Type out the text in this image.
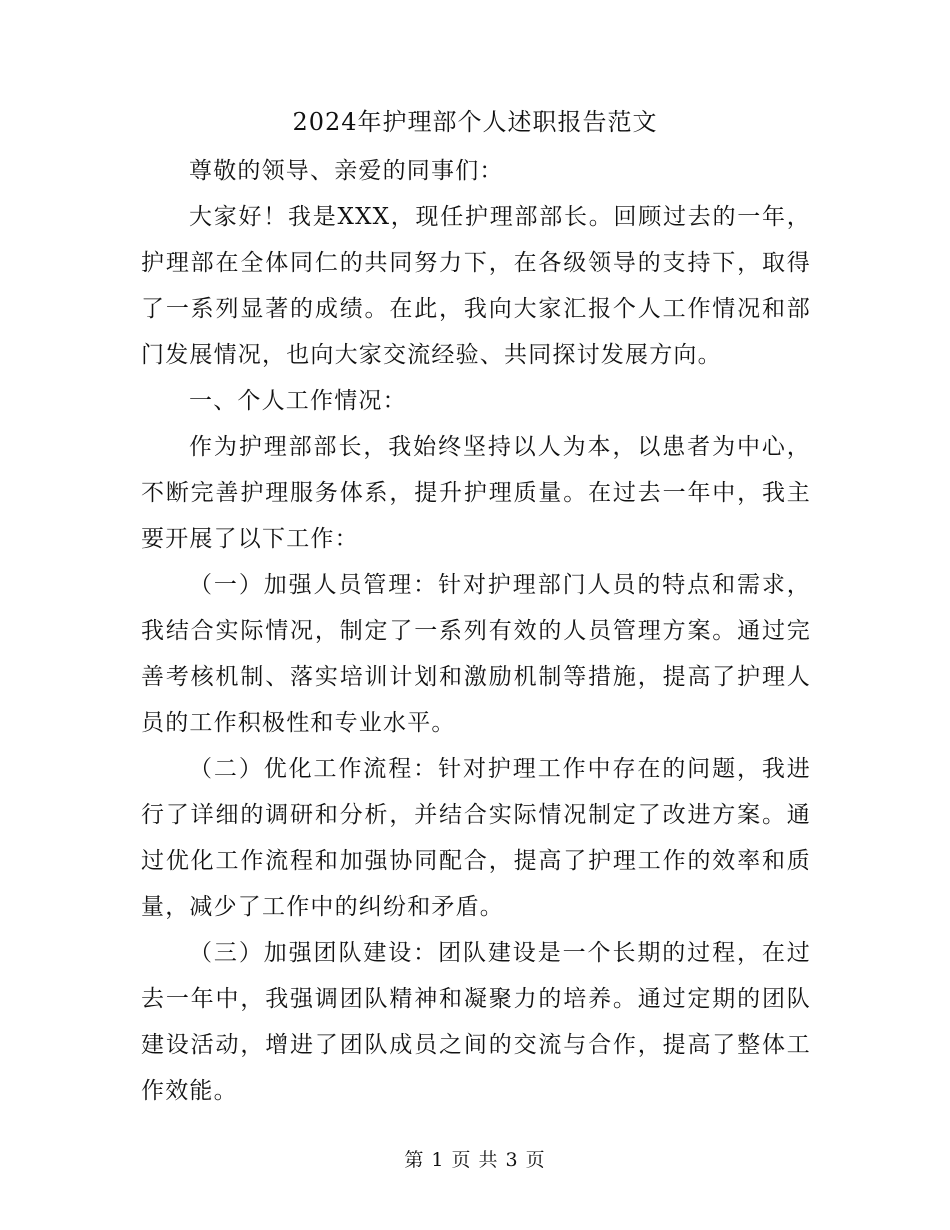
2024年护理部个人述职报告范文

尊敬的领导、亲爱的同事们：

大家好！我是XXX，现任护理部部长。回顾过去的一年，护理部在全体同仁的共同努力下，在各级领导的支持下，取得了一系列显著的成绩。在此，我向大家汇报个人工作情况和部门发展情况，也向大家交流经验、共同探讨发展方向。

一、个人工作情况：

作为护理部部长，我始终坚持以人为本，以患者为中心，不断完善护理服务体系，提升护理质量。在过去一年中，我主要开展了以下工作：

（一）加强人员管理：针对护理部门人员的特点和需求，我结合实际情况，制定了一系列有效的人员管理方案。通过完善考核机制、落实培训计划和激励机制等措施，提高了护理人员的工作积极性和专业水平。

（二）优化工作流程：针对护理工作中存在的问题，我进行了详细的调研和分析，并结合实际情况制定了改进方案。通过优化工作流程和加强协同配合，提高了护理工作的效率和质量，减少了工作中的纠纷和矛盾。

（三）加强团队建设：团队建设是一个长期的过程，在过去一年中，我强调团队精神和凝聚力的培养。通过定期的团队建设活动，增进了团队成员之间的交流与合作，提高了整体工作效能。

第 1 页 共 3 页
